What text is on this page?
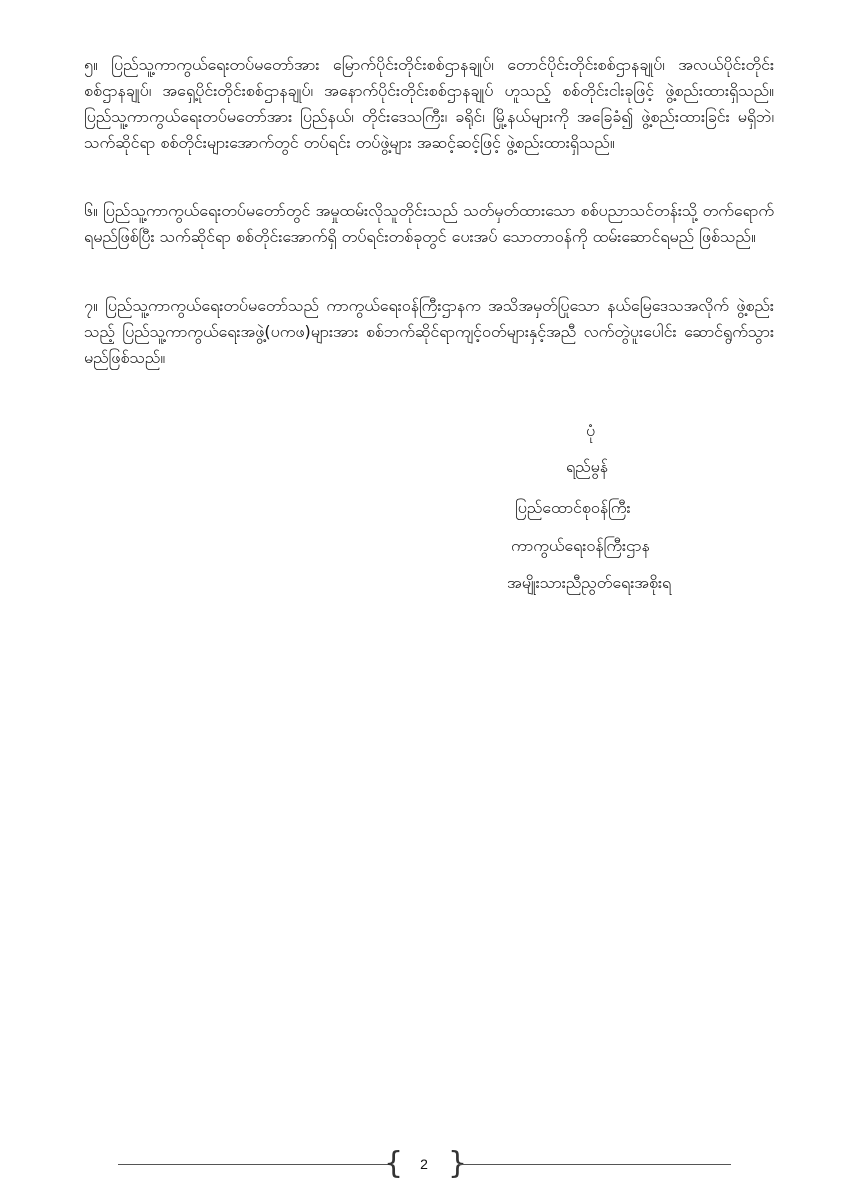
၅။ ပြည်သူ့ကာကွယ်ရေးတပ်မတော်အား မြောက်ပိုင်းတိုင်းစစ်ဌာနချုပ်၊ တောင်ပိုင်းတိုင်းစစ်ဌာနချုပ်၊ အလယ်ပိုင်းတိုင်းစစ်ဌာနချုပ်၊ အရှေ့ပိုင်းတိုင်းစစ်ဌာနချုပ်၊ အနောက်ပိုင်းတိုင်းစစ်ဌာနချုပ် ဟူသည့် စစ်တိုင်းငါးခုဖြင့် ဖွဲ့စည်းထားရှိသည်။ ပြည်သူ့ကာကွယ်ရေးတပ်မတော်အား ပြည်နယ်၊ တိုင်းဒေသကြီး၊ ခရိုင်၊ မြို့နယ်များကို အခြေခံ၍ ဖွဲ့စည်းထားခြင်း မရှိဘဲ၊ သက်ဆိုင်ရာ စစ်တိုင်းများအောက်တွင် တပ်ရင်း တပ်ဖွဲ့များ အဆင့်ဆင့်ဖြင့် ဖွဲ့စည်းထားရှိသည်။
၆။ ပြည်သူ့ကာကွယ်ရေးတပ်မတော်တွင် အမှုထမ်းလိုသူတိုင်းသည် သတ်မှတ်ထားသော စစ်ပညာသင်တန်းသို့ တက်ရောက်ရမည်ဖြစ်ပြီး သက်ဆိုင်ရာ စစ်တိုင်းအောက်ရှိ တပ်ရင်းတစ်ခုတွင် ပေးအပ် သောတာဝန်ကို ထမ်းဆောင်ရမည် ဖြစ်သည်။
၇။ ပြည်သူ့ကာကွယ်ရေးတပ်မတော်သည် ကာကွယ်ရေးဝန်ကြီးဌာနက အသိအမှတ်ပြုသော နယ်မြေဒေသအလိုက် ဖွဲ့စည်းသည့် ပြည်သူ့ကာကွယ်ရေးအဖွဲ့(ပကဖ)များအား စစ်ဘက်ဆိုင်ရာကျင့်ဝတ်များနှင့်အညီ လက်တွဲပူးပေါင်း ဆောင်ရွက်သွားမည်ဖြစ်သည်။
ပုံ
ရည်မွန်
ပြည်ထောင်စုဝန်ကြီး
ကာကွယ်ရေးဝန်ကြီးဌာန
အမျိုးသားညီညွတ်ရေးအစိုးရ
{	2 }
